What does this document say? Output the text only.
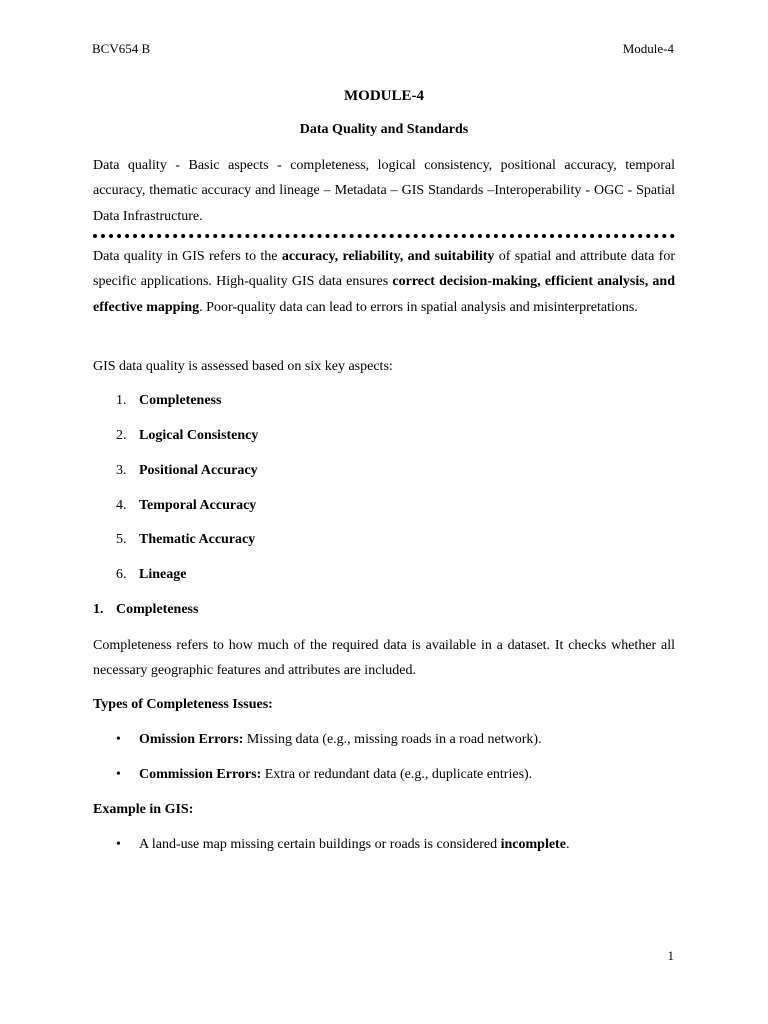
BCV654 B	Module-4
MODULE-4
Data Quality and Standards

Data quality - Basic aspects - completeness, logical consistency, positional accuracy, temporal accuracy, thematic accuracy and lineage – Metadata – GIS Standards –Interoperability - OGC - Spatial Data Infrastructure.

Data quality in GIS refers to the accuracy, reliability, and suitability of spatial and attribute data for specific applications. High-quality GIS data ensures correct decision-making, efficient analysis, and effective mapping. Poor-quality data can lead to errors in spatial analysis and misinterpretations.

GIS data quality is assessed based on six key aspects:

1. Completeness
2. Logical Consistency
3. Positional Accuracy
4. Temporal Accuracy
5. Thematic Accuracy
6. Lineage
1. Completeness

Completeness refers to how much of the required data is available in a dataset. It checks whether all necessary geographic features and attributes are included.

Types of Completeness Issues:
• Omission Errors: Missing data (e.g., missing roads in a road network).
• Commission Errors: Extra or redundant data (e.g., duplicate entries).
Example in GIS:
• A land-use map missing certain buildings or roads is considered incomplete.
1
